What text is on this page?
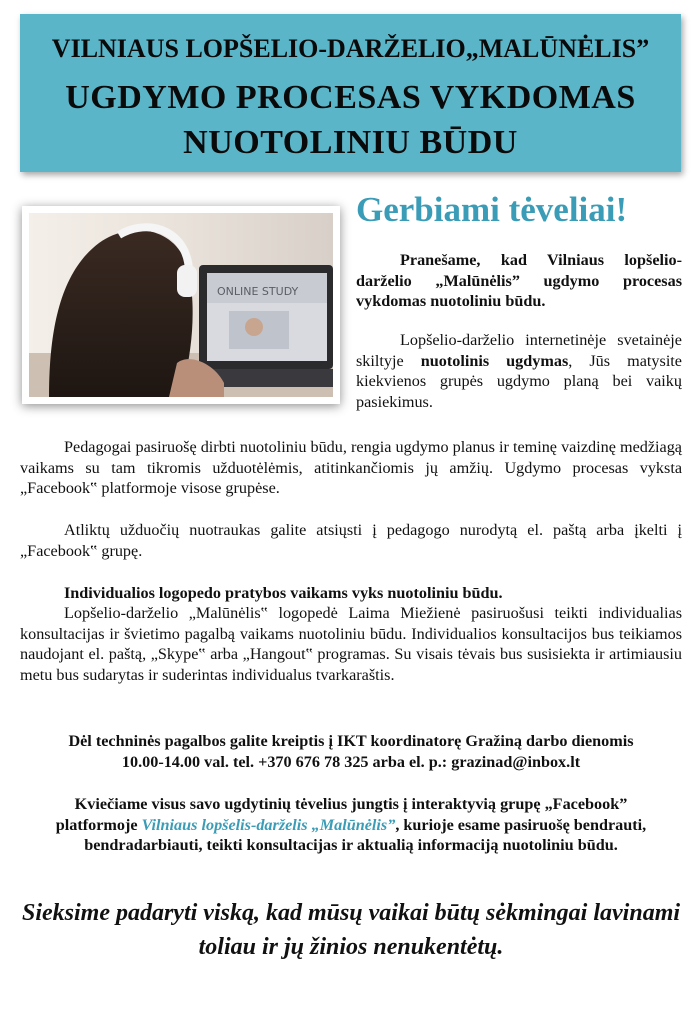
VILNIAUS LOPŠELIO-DARŽELIO„MALŪNĖLIS”
UGDYMO PROCESAS VYKDOMAS
NUOTOLINIU BŪDU
ONLINE STUDY
Gerbiami tėveliai!

Pranešame, kad Vilniaus lopšelio-darželio „Malūnėlis” ugdymo procesas vykdomas nuotoliniu būdu.

Lopšelio-darželio internetinėje svetainėje skiltyje nuotolinis ugdymas, Jūs matysite kiekvienos grupės ugdymo planą bei vaikų pasiekimus.

Pedagogai pasiruošę dirbti nuotoliniu būdu, rengia ugdymo planus ir teminę vaizdinę medžiagą vaikams su tam tikromis užduotėlėmis, atitinkančiomis jų amžių. Ugdymo procesas vyksta „Facebook‟ platformoje visose grupėse.

Atliktų užduočių nuotraukas galite atsiųsti į pedagogo nurodytą el. paštą arba įkelti į „Facebook‟ grupę.

Individualios logopedo pratybos vaikams vyks nuotoliniu būdu.

Lopšelio-darželio „Malūnėlis‟ logopedė Laima Miežienė pasiruošusi teikti individualias konsultacijas ir švietimo pagalbą vaikams nuotoliniu būdu. Individualios konsultacijos bus teikiamos naudojant el. paštą, „Skype‟ arba „Hangout‟ programas. Su visais tėvais bus susisiekta ir artimiausiu metu bus sudarytas ir suderintas individualus tvarkaraštis.

Dėl techninės pagalbos galite kreiptis į IKT koordinatorę Gražiną darbo dienomis

10.00-14.00 val. tel. +370 676 78 325 arba el. p.: grazinad@inbox.lt

Kviečiame visus savo ugdytinių tėvelius jungtis į interaktyvią grupę „Facebook” platformoje Vilniaus lopšelis-darželis „Malūnėlis”, kurioje esame pasiruošę bendrauti, bendradarbiauti, teikti konsultacijas ir aktualią informaciją nuotoliniu būdu.

Sieksime padaryti viską, kad mūsų vaikai būtų sėkmingai lavinami toliau ir jų žinios nenukentėtų.
